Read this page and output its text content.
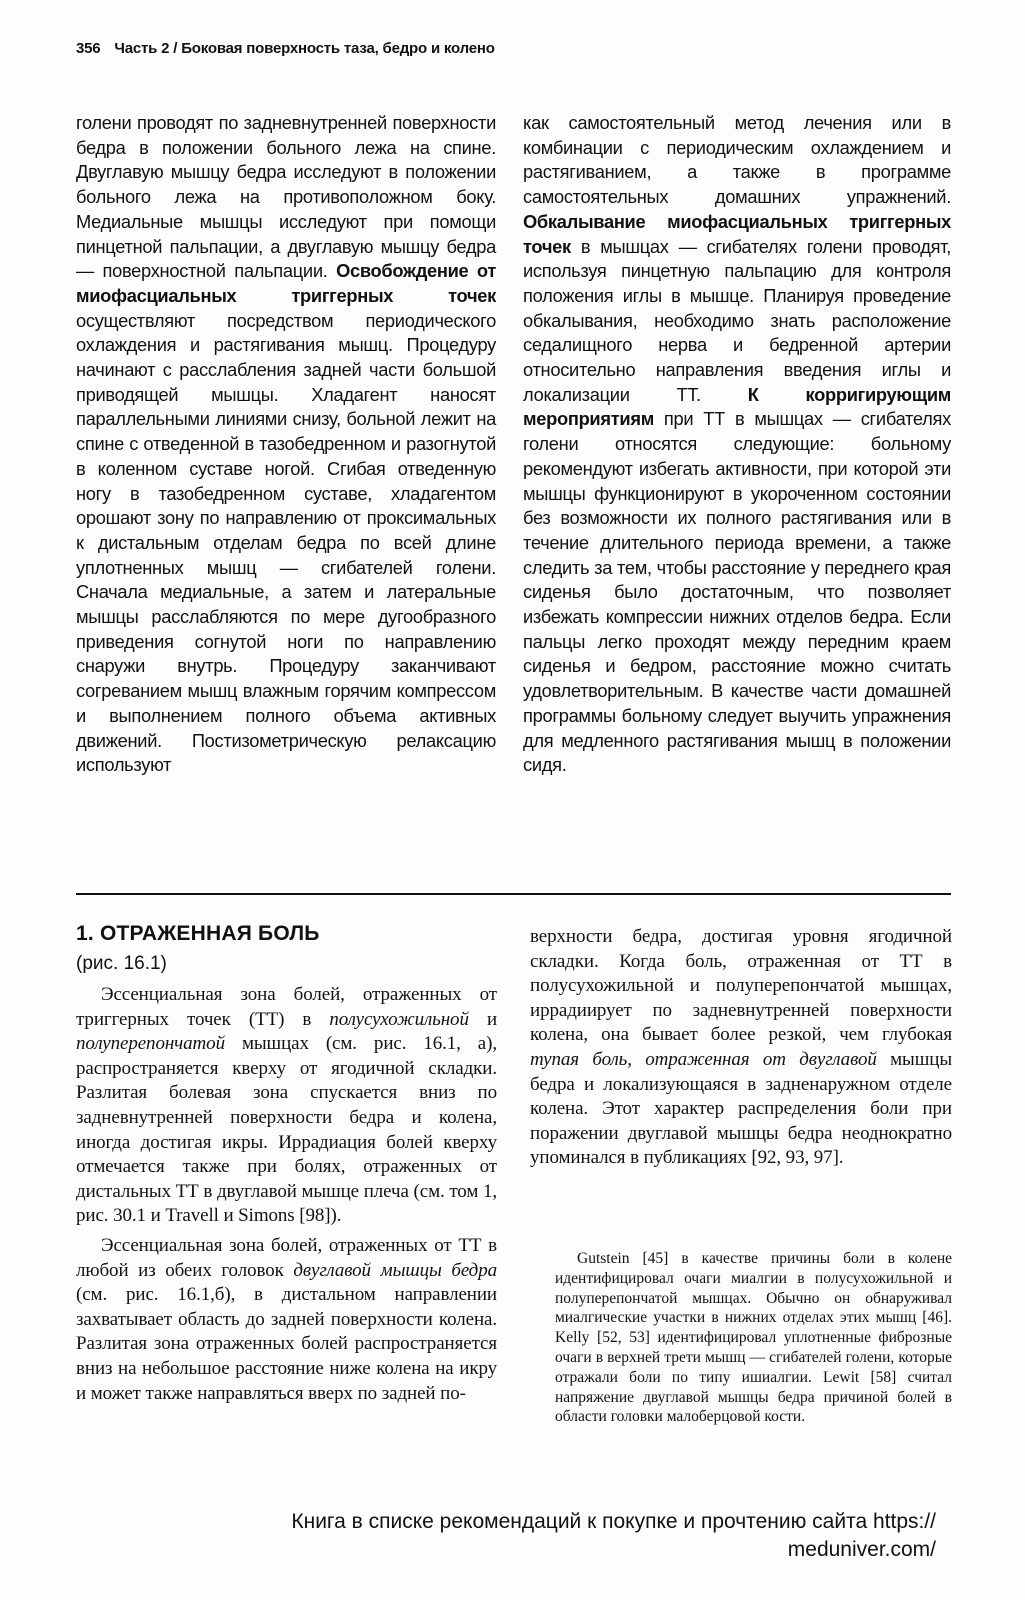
356 Часть 2 / Боковая поверхность таза, бедро и колено

голени проводят по задневнутренней поверхности бедра в положении больного лежа на спине. Двуглавую мышцу бедра исследуют в положении больного лежа на противоположном боку. Медиальные мышцы исследуют при помощи пинцетной пальпации, а двуглавую мышцу бедра — поверхностной пальпации. Освобождение от миофасциальных триггерных точек осуществляют посредством периодического охлаждения и растягивания мышц. Процедуру начинают с расслабления задней части большой приводящей мышцы. Хладагент наносят параллельными линиями снизу, больной лежит на спине с отведенной в тазобедренном и разогнутой в коленном суставе ногой. Сгибая отведенную ногу в тазобедренном суставе, хладагентом орошают зону по направлению от проксимальных к дистальным отделам бедра по всей длине уплотненных мышц — сгибателей голени. Сначала медиальные, а затем и латеральные мышцы расслабляются по мере дугообразного приведения согнутой ноги по направлению снаружи внутрь. Процедуру заканчивают согреванием мышц влажным горячим компрессом и выполнением полного объема активных движений. Постизометрическую релаксацию используют

как самостоятельный метод лечения или в комбинации с периодическим охлаждением и растягиванием, а также в программе самостоятельных домашних упражнений. Обкалывание миофасциальных триггерных точек в мышцах — сгибателях голени проводят, используя пинцетную пальпацию для контроля положения иглы в мышце. Планируя проведение обкалывания, необходимо знать расположение седалищного нерва и бедренной артерии относительно направления введения иглы и локализации ТТ. К корригирующим мероприятиям при ТТ в мышцах — сгибателях голени относятся следующие: больному рекомендуют избегать активности, при которой эти мышцы функционируют в укороченном состоянии без возможности их полного растягивания или в течение длительного периода времени, а также следить за тем, чтобы расстояние у переднего края сиденья было достаточным, что позволяет избежать компрессии нижних отделов бедра. Если пальцы легко проходят между передним краем сиденья и бедром, расстояние можно считать удовлетворительным. В качестве части домашней программы больному следует выучить упражнения для медленного растягивания мышц в положении сидя.

1. ОТРАЖЕННАЯ БОЛЬ
(рис. 16.1)

Эссенциальная зона болей, отраженных от триггерных точек (ТТ) в полусухожильной и полуперепончатой мышцах (см. рис. 16.1, а), распространяется кверху от ягодичной складки. Разлитая болевая зона спускается вниз по задневнутренней поверхности бедра и колена, иногда достигая икры. Иррадиация болей кверху отмечается также при болях, отраженных от дистальных ТТ в двуглавой мышце плеча (см. том 1, рис. 30.1 и Travell и Simons [98]).

Эссенциальная зона болей, отраженных от ТТ в любой из обеих головок двуглавой мышцы бедра (см. рис. 16.1,б), в дистальном направлении захватывает область до задней поверхности колена. Разлитая зона отраженных болей распространяется вниз на небольшое расстояние ниже колена на икру и может также направляться вверх по задней по-

верхности бедра, достигая уровня ягодичной складки. Когда боль, отраженная от ТТ в полусухожильной и полуперепончатой мышцах, иррадиирует по задневнутренней поверхности колена, она бывает более резкой, чем глубокая тупая боль, отраженная от двуглавой мышцы бедра и локализующаяся в задненаружном отделе колена. Этот характер распределения боли при поражении двуглавой мышцы бедра неоднократно упоминался в публикациях [92, 93, 97].

Gutstein [45] в качестве причины боли в колене идентифицировал очаги миалгии в полусухожильной и полуперепончатой мышцах. Обычно он обнаруживал миалгические участки в нижних отделах этих мышц [46]. Kelly [52, 53] идентифицировал уплотненные фиброзные очаги в верхней трети мышц — сгибателей голени, которые отражали боли по типу ишиалгии. Lewit [58] считал напряжение двуглавой мышцы бедра причиной болей в области головки малоберцовой кости.
Книга в списке рекомендаций к покупке и прочтению сайта https://
meduniver.com/
